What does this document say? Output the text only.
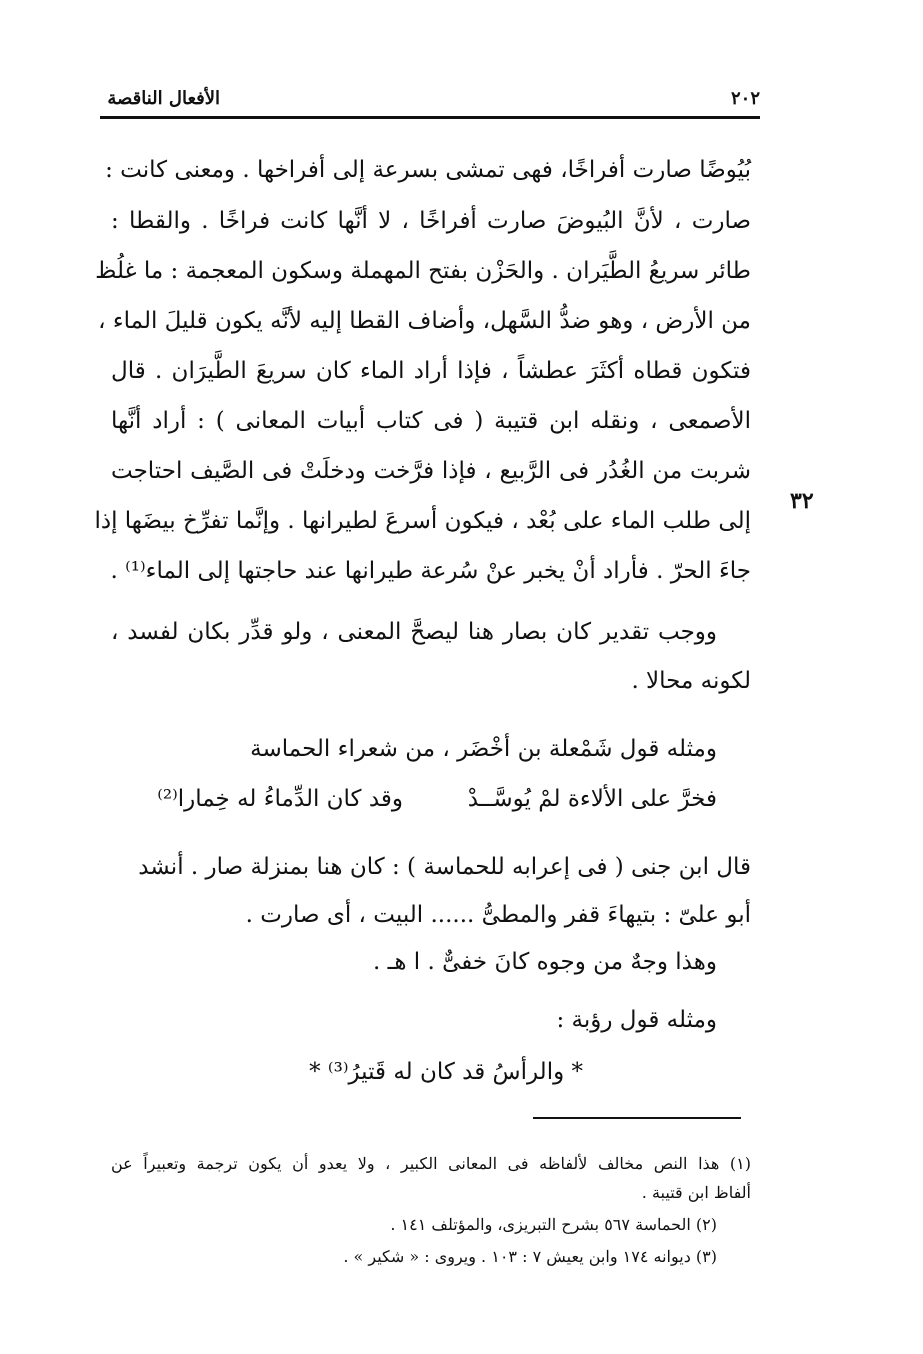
٢٠٢
الأفعال الناقصة
بُيُوضًا صارت أفراخًا، فهى تمشى بسرعة إلى أفراخها . ومعنى كانت :
صارت ، لأنَّ البُيوضَ صارت أفراخًا ، لا أنَّها كانت فراخًا . والقطا :
طائر سريعُ الطَّيَران . والحَزْن بفتح المهملة وسكون المعجمة : ما غلُظ
من الأرض ، وهو ضدُّ السَّهل، وأضاف القطا إليه لأنَّه يكون قليلَ الماء ،
فتكون قطاه أكثَرَ عطشاً ، فإذا أراد الماء كان سريعَ الطَّيرَان . قال
الأصمعى ، ونقله ابن قتيبة ( فى كتاب أبيات المعانى ) : أراد أنَّها
شربت من الغُدُر فى الرَّبيع ، فإذا فرَّخت ودخلَتْ فى الصَّيف احتاجت
إلى طلب الماء على بُعْد ، فيكون أسرعَ لطيرانها . وإنَّما تفرِّخ بيضَها إذا
جاءَ الحرّ . فأراد أنْ يخبر عنْ سُرعة طيرانها عند حاجتها إلى الماء⁽¹⁾ .
٣٢
ووجب تقدير كان بصار هنا ليصحَّ المعنى ، ولو قدِّر بكان لفسد ،
لكونه محالا .
ومثله قول شَمْعلة بن أخْضَر ، من شعراء الحماسة
فخرَّ على الألاءة لمْ يُوسَّــدْ
وقد كان الدِّماءُ له خِمارا⁽²⁾
قال ابن جنى ( فى إعرابه للحماسة ) : كان هنا بمنزلة صار . أنشد
أبو علىّ : بتيهاءَ قفر والمطىُّ ...... البيت ، أى صارت .
وهذا وجهٌ من وجوه كانَ خفىٌّ . ا هـ .
ومثله قول رؤبة :
* والرأسُ قد كان له قَتيرُ⁽³⁾ *
(١) هذا النص مخالف لألفاظه فى المعانى الكبير ، ولا يعدو أن يكون ترجمة وتعبيراً عن
ألفاظ ابن قتيبة .
(٢) الحماسة ٥٦٧ بشرح التبريزى، والمؤتلف ١٤١ .
(٣) ديوانه ١٧٤ وابن يعيش ٧ : ١٠٣ . ويروى : « شكير » .
